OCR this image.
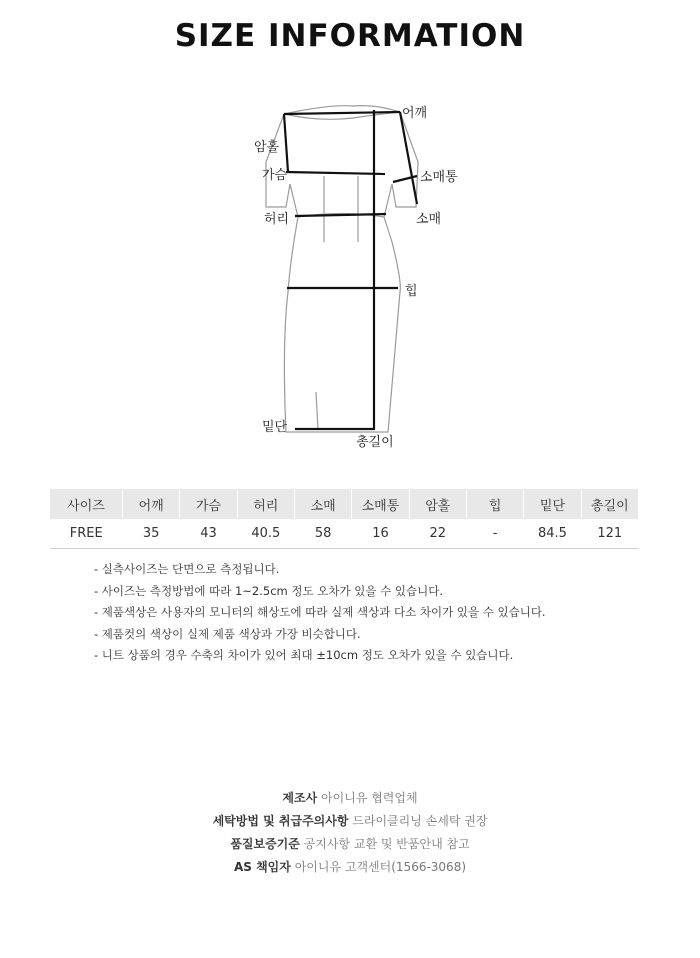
SIZE INFORMATION
어깨
암홀
가슴	소매통
허리	소매
힙
밑단
총길이
사이즈	어깨	가슴	허리	소매	소매통	암홀	힙	밑단	총길이
FREE	35	43	40.5	58	16	22	-	84.5	121
- 실측사이즈는 단면으로 측정됩니다.
- 사이즈는 측정방법에 따라 1~2.5cm 정도 오차가 있을 수 있습니다.
- 제품색상은 사용자의 모니터의 해상도에 따라 실제 색상과 다소 차이가 있을 수 있습니다.
- 제품컷의 색상이 실제 제품 색상과 가장 비슷합니다.
- 니트 상품의 경우 수축의 차이가 있어 최대 ±10cm 정도 오차가 있을 수 있습니다.
제조사 아이니유 협력업체
세탁방법 및 취급주의사항 드라이클리닝 손세탁 권장
품질보증기준 공지사항 교환 및 반품안내 참고
AS 책임자 아이니유 고객센터(1566-3068)
